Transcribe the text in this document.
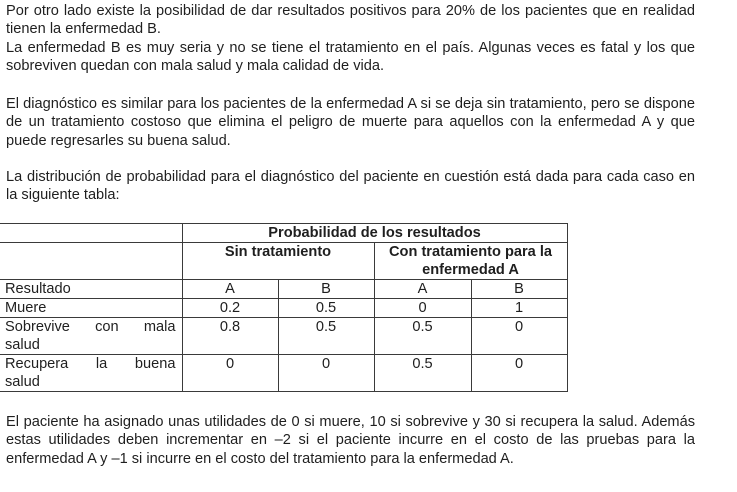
Por otro lado existe la posibilidad de dar resultados positivos para 20% de los pacientes que en realidad tienen la enfermedad B.
La enfermedad B es muy seria y no se tiene el tratamiento en el país. Algunas veces es fatal y los que sobreviven quedan con mala salud y mala calidad de vida.

El diagnóstico es similar para los pacientes de la enfermedad A si se deja sin tratamiento, pero se dispone de un tratamiento costoso que elimina el peligro de muerte para aquellos con la enfermedad A y que puede regresarles su buena salud.

La distribución de probabilidad para el diagnóstico del paciente en cuestión está dada para cada caso en la siguiente tabla:

	Probabilidad de los resultados			
	Sin tratamiento		Con tratamiento para la enfermedad A	

Resultado	A	B	A	B
Muere	0.2	0.5	0	1

Sobrevive con mala
salud	0.8	0.5	0.5	0

Recupera la buena
salud	0	0	0.5	0

El paciente ha asignado unas utilidades de 0 si muere, 10 si sobrevive y 30 si recupera la salud. Además estas utilidades deben incrementar en –2 si el paciente incurre en el costo de las pruebas para la enfermedad A y –1 si incurre en el costo del tratamiento para la enfermedad A.
